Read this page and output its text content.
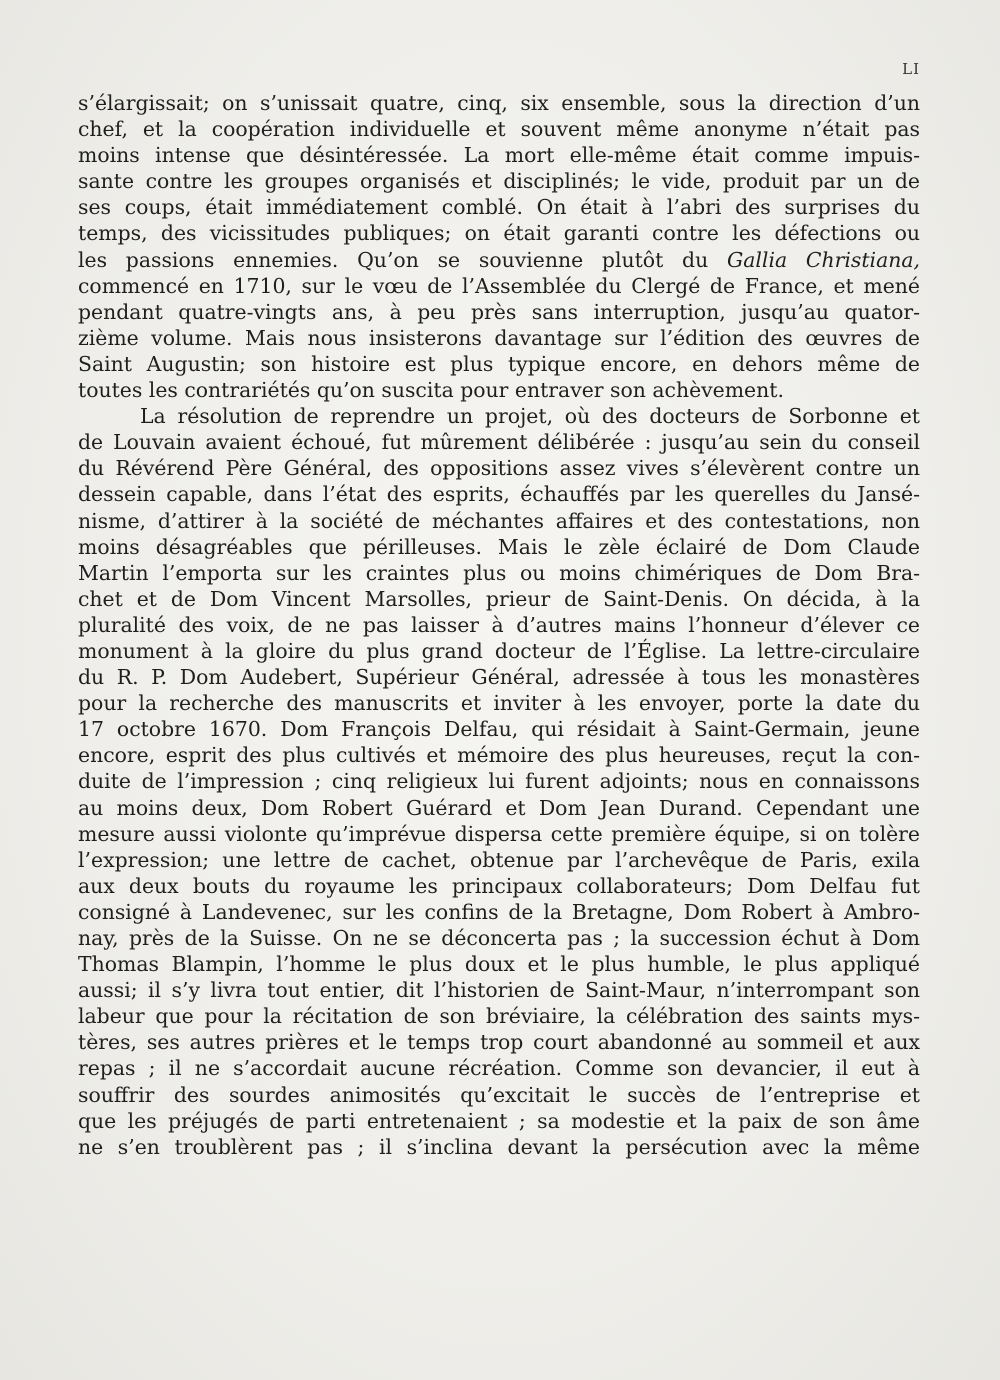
LI
s’élargissait; on s’unissait quatre, cinq, six ensemble, sous la direction d’un
chef, et la coopération individuelle et souvent même anonyme n’était pas
moins intense que désintéressée. La mort elle-même était comme impuis-
sante contre les groupes organisés et disciplinés; le vide, produit par un de
ses coups, était immédiatement comblé. On était à l’abri des surprises du
temps, des vicissitudes publiques; on était garanti contre les défections ou
les passions ennemies. Qu’on se souvienne plutôt du Gallia Christiana,
commencé en 1710, sur le vœu de l’Assemblée du Clergé de France, et mené
pendant quatre-vingts ans, à peu près sans interruption, jusqu’au quator-
zième volume. Mais nous insisterons davantage sur l’édition des œuvres de
Saint Augustin; son histoire est plus typique encore, en dehors même de
toutes les contrariétés qu’on suscita pour entraver son achèvement.
La résolution de reprendre un projet, où des docteurs de Sorbonne et
de Louvain avaient échoué, fut mûrement délibérée : jusqu’au sein du conseil
du Révérend Père Général, des oppositions assez vives s’élevèrent contre un
dessein capable, dans l’état des esprits, échauffés par les querelles du Jansé-
nisme, d’attirer à la société de méchantes affaires et des contestations, non
moins désagréables que périlleuses. Mais le zèle éclairé de Dom Claude
Martin l’emporta sur les craintes plus ou moins chimériques de Dom Bra-
chet et de Dom Vincent Marsolles, prieur de Saint-Denis. On décida, à la
pluralité des voix, de ne pas laisser à d’autres mains l’honneur d’élever ce
monument à la gloire du plus grand docteur de l’Église. La lettre-circulaire
du R. P. Dom Audebert, Supérieur Général, adressée à tous les monastères
pour la recherche des manuscrits et inviter à les envoyer, porte la date du
17 octobre 1670. Dom François Delfau, qui résidait à Saint-Germain, jeune
encore, esprit des plus cultivés et mémoire des plus heureuses, reçut la con-
duite de l’impression ; cinq religieux lui furent adjoints; nous en connaissons
au moins deux, Dom Robert Guérard et Dom Jean Durand. Cependant une
mesure aussi violonte qu’imprévue dispersa cette première équipe, si on tolère
l’expression; une lettre de cachet, obtenue par l’archevêque de Paris, exila
aux deux bouts du royaume les principaux collaborateurs; Dom Delfau fut
consigné à Landevenec, sur les confins de la Bretagne, Dom Robert à Ambro-
nay, près de la Suisse. On ne se déconcerta pas ; la succession échut à Dom
Thomas Blampin, l’homme le plus doux et le plus humble, le plus appliqué
aussi; il s’y livra tout entier, dit l’historien de Saint-Maur, n’interrompant son
labeur que pour la récitation de son bréviaire, la célébration des saints mys-
tères, ses autres prières et le temps trop court abandonné au sommeil et aux
repas ; il ne s’accordait aucune récréation. Comme son devancier, il eut à
souffrir des sourdes animosités qu’excitait le succès de l’entreprise et
que les préjugés de parti entretenaient ; sa modestie et la paix de son âme
ne s’en troublèrent pas ; il s’inclina devant la persécution avec la même
